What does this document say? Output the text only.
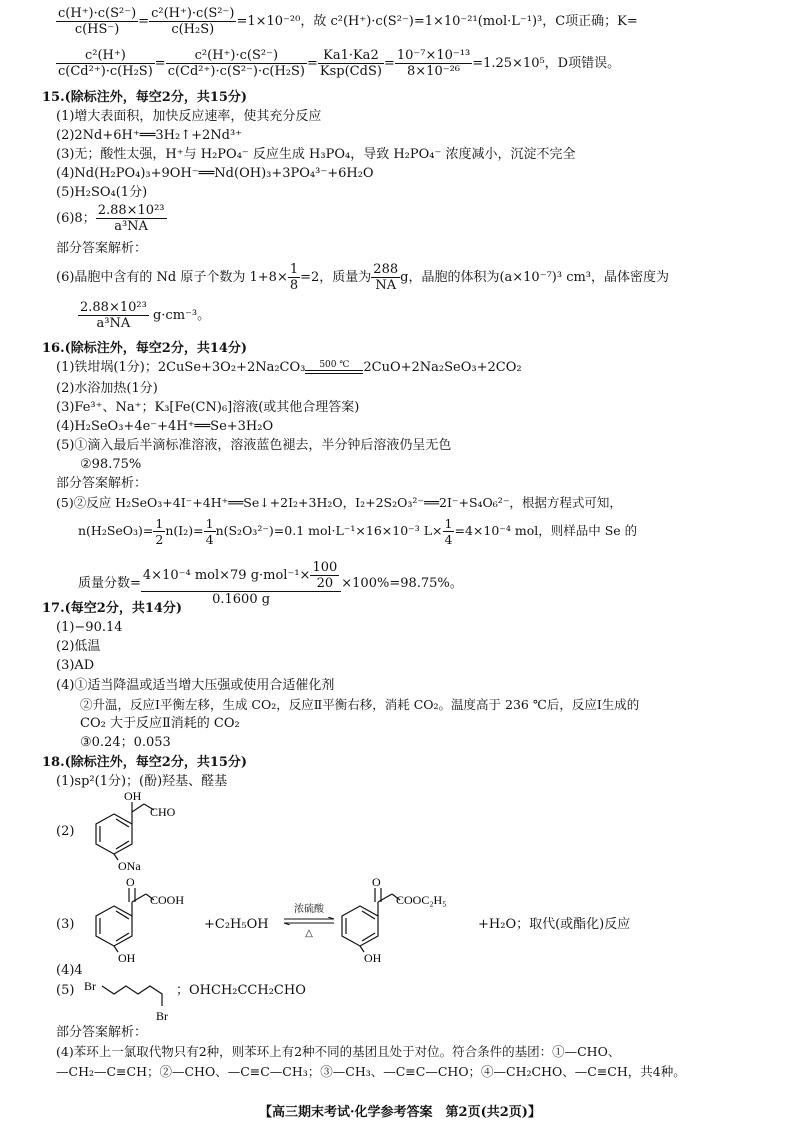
$\frac{\text{c(H⁺)·c(S²⁻)}}{c(HS^-)} = \frac{\text{c²(H⁺)·c(S²⁻)}}{\text{c(H₂S)}} =1\times 10^{-20}$，故 c²(H⁺)·c(S²⁻)=1×10⁻²¹(mol·L⁻¹)³，C项正确；K=
$\frac{\text{c²(H⁺)}}{\text{c(Cd²⁺)·c(H₂S)}} = \frac{\text{c²(H⁺)·c(S²⁻)}}{\text{c(Cd²⁺)·c(S²⁻)·c(H₂S)}} = \frac{Ka1\cdot Ka2}{\text{Ksp(CdS)}} = \frac{\text{10⁻⁷×10⁻¹³}}{\text{8×10⁻²⁶}} =1.25\times 10^5$，D项错误。
15.(除标注外，每空2分，共15分)
(1)增大表面积，加快反应速率，使其充分反应
(2)2Nd+6H⁺══3H₂↑+2Nd³⁺
(3)无；酸性太强，H⁺与 H₂PO₄⁻ 反应生成 H₃PO₄，导致 H₂PO₄⁻ 浓度减小，沉淀不完全
(4)Nd(H₂PO₄)₃+9OH⁻══Nd(OH)₃+3PO₄³⁻+6H₂O
(5)H₂SO₄(1分)
(6)8； $\frac{\text{2.88×10²³}}{\text{a³NA}}$
部分答案解析：
(6)晶胞中含有的 Nd 原子个数为 $1+8\times \frac{1}{8} =2$，质量为 $\frac{288}{NA}$ g，晶胞的体积为(a×10⁻⁷)³ cm³，晶体密度为
$\frac{\text{2.88×10²³}}{\text{a³NA}} g\cdot cm^{-3}$。
16.(除标注外，每空2分，共14分)
(1)铁坩埚(1分)；2CuSe+3O₂+2Na₂CO₃	500 ℃	2CuO+2Na₂SeO₃+2CO₂
(2)水浴加热(1分)
(3)Fe³⁺、Na⁺；K₃[Fe(CN)₆]溶液(或其他合理答案)
(4)H₂SeO₃+4e⁻+4H⁺══Se+3H₂O
(5)①滴入最后半滴标准溶液，溶液蓝色褪去，半分钟后溶液仍呈无色
②98.75%
部分答案解析：
(5)②反应 H₂SeO₃+4I⁻+4H⁺══Se↓+2I₂+3H₂O，I₂+2S₂O₃²⁻══2I⁻+S₄O₆²⁻，根据方程式可知，
$n(H_2SeO_3)= \frac{1}{2} n(I_2)= \frac{1}{4} n(S_2O_3^{2-})=0.1$ mol·L⁻¹×16×10⁻³ $L\times \frac{1}{4} =4\times 10^{-4}$ mol，则样品中 Se 的
质量分数= $\frac{4\times 10^{-4} mol\times 79 g\cdot mol^{-1}\times \frac{100}{20}}{0.1600 g} \times 100\%=98.75\%$。
17.(每空2分，共14分)
(1)−90.14
(2)低温
(3)AD
(4)①适当降温或适当增大压强或使用合适催化剂
②升温，反应Ⅰ平衡左移，生成 CO₂，反应Ⅱ平衡右移，消耗 CO₂。温度高于 236 ℃后，反应Ⅰ生成的
CO₂ 大于反应Ⅱ消耗的 CO₂
③0.24；0.053
18.(除标注外，每空2分，共15分)
(1)sp²(1分)；(酚)羟基、醛基
(2)
OH
CHO
ONa
(3)
O
COOH
OH
+C₂H₅OH
浓硫酸
△
O
COOC₂H₅
OH
+H₂O；取代(或酯化)反应
(4)4
(5) Br
Br
；OHCH₂CCH₂CHO
部分答案解析：
(4)苯环上一氯取代物只有2种，则苯环上有2种不同的基团且处于对位。符合条件的基团：①—CHO、
—CH₂—C≡CH；②—CHO、—C≡C—CH₃；③—CH₃、—C≡C—CHO；④—CH₂CHO、—C≡CH，共4种。
【高三期末考试·化学参考答案　第2页(共2页)】
